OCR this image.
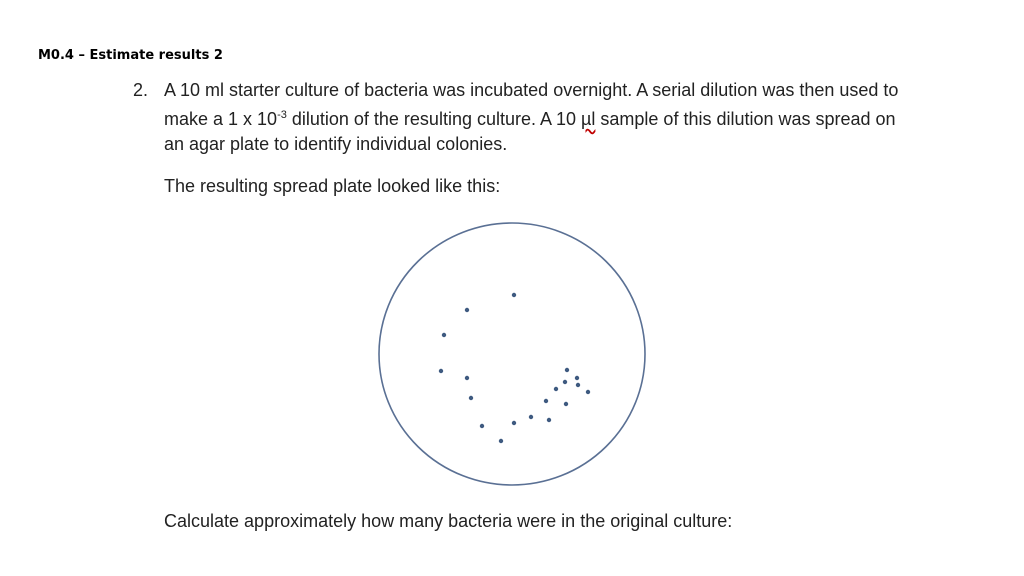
M0.4 – Estimate results 2
2. A 10 ml starter culture of bacteria was incubated overnight. A serial dilution was then used to make a 1 x $10^{-3}$ dilution of the resulting culture. A 10 µl sample of this dilution was spread on an agar plate to identify individual colonies.
The resulting spread plate looked like this:
Calculate approximately how many bacteria were in the original culture:
